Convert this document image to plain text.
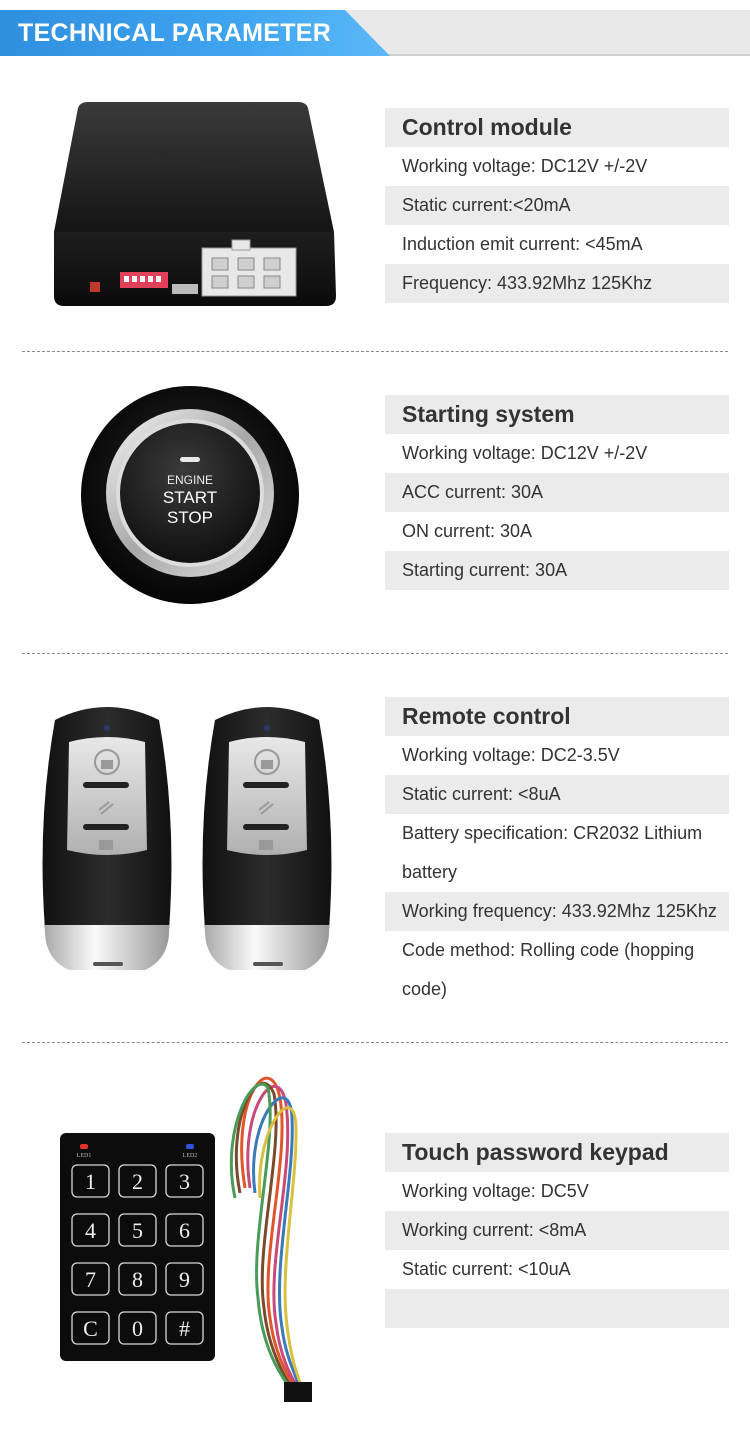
TECHNICAL PARAMETER
EASYGUARD
Control module
Working voltage: DC12V +/-2V
Static current:<20mA
Induction emit current: <45mA
Frequency: 433.92Mhz 125Khz
ENGINE
START
STOP
Starting system
Working voltage: DC12V +/-2V
ACC current: 30A
ON current: 30A
Starting current: 30A
Remote control
Working voltage: DC2-3.5V
Static current: <8uA
Battery specification: CR2032 Lithium
battery
Working frequency: 433.92Mhz 125Khz
Code method: Rolling code (hopping
code)
LED1	LED2
1 2 3
4 5 6
7 8 9
C 0 #
Touch password keypad
Working voltage: DC5V
Working current: <8mA
Static current: <10uA
